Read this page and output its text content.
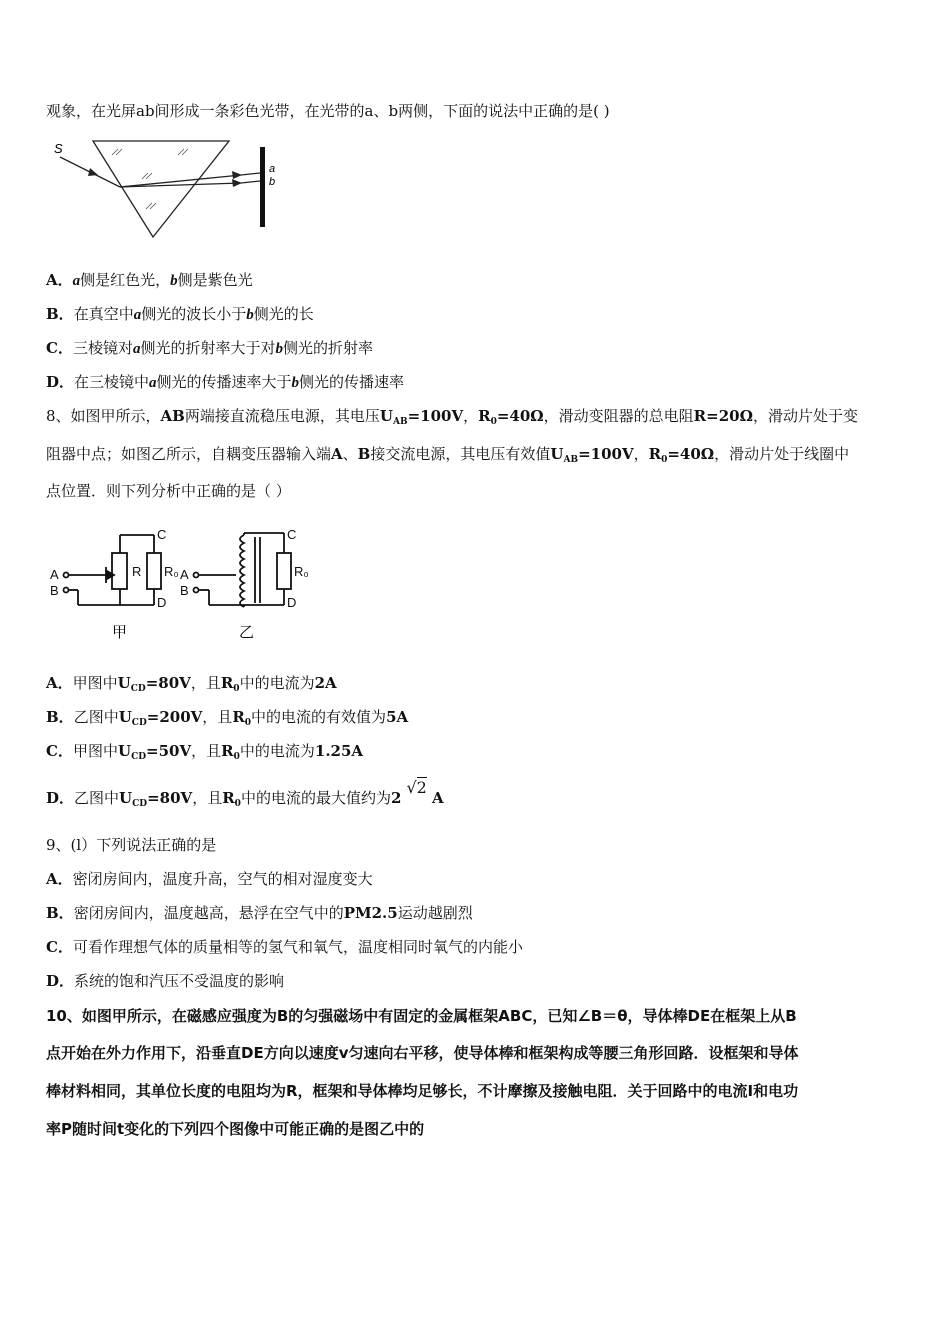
观象，在光屏ab间形成一条彩色光带，在光带的a、b两侧，下面的说法中正确的是( )
S
a
b
A．a侧是红色光，b侧是紫色光
B．在真空中a侧光的波长小于b侧光的长
C．三棱镜对a侧光的折射率大于对b侧光的折射率
D．在三棱镜中a侧光的传播速率大于b侧光的传播速率
8、如图甲所示，AB两端接直流稳压电源，其电压$U_{AB}=100V$，$R_0=40\Omega$，滑动变阻器的总电阻R=20Ω，滑动片处于变
阻器中点；如图乙所示，自耦变压器输入端A、B接交流电源，其电压有效值$U_{AB}=100V$，$R_0=40\Omega$，滑动片处于线圈中
点位置．则下列分析中正确的是（ ）
A
B
R R₀
C
D
A
B
C
R₀
D
甲	乙
A．甲图中$U_{CD}=80V$，且$R_0$中的电流为2A
B．乙图中$U_{CD}=200V$，且$R_0$中的电流的有效值为5A
C．甲图中$U_{CD}=50V$，且$R_0$中的电流为1.25A
D．乙图中$U_{CD}=80V$，且$R_0$中的电流的最大值约为2 √2 A
9、(l）下列说法正确的是
A．密闭房间内，温度升高，空气的相对湿度变大
B．密闭房间内，温度越高，悬浮在空气中的PM2.5运动越剧烈
C．可看作理想气体的质量相等的氢气和氧气，温度相同时氧气的内能小
D．系统的饱和汽压不受温度的影响
10、如图甲所示，在磁感应强度为B的匀强磁场中有固定的金属框架ABC，已知∠B＝θ，导体棒DE在框架上从B
点开始在外力作用下，沿垂直DE方向以速度v匀速向右平移，使导体棒和框架构成等腰三角形回路．设框架和导体
棒材料相同，其单位长度的电阻均为R，框架和导体棒均足够长，不计摩擦及接触电阻．关于回路中的电流I和电功
率P随时间t变化的下列四个图像中可能正确的是图乙中的
